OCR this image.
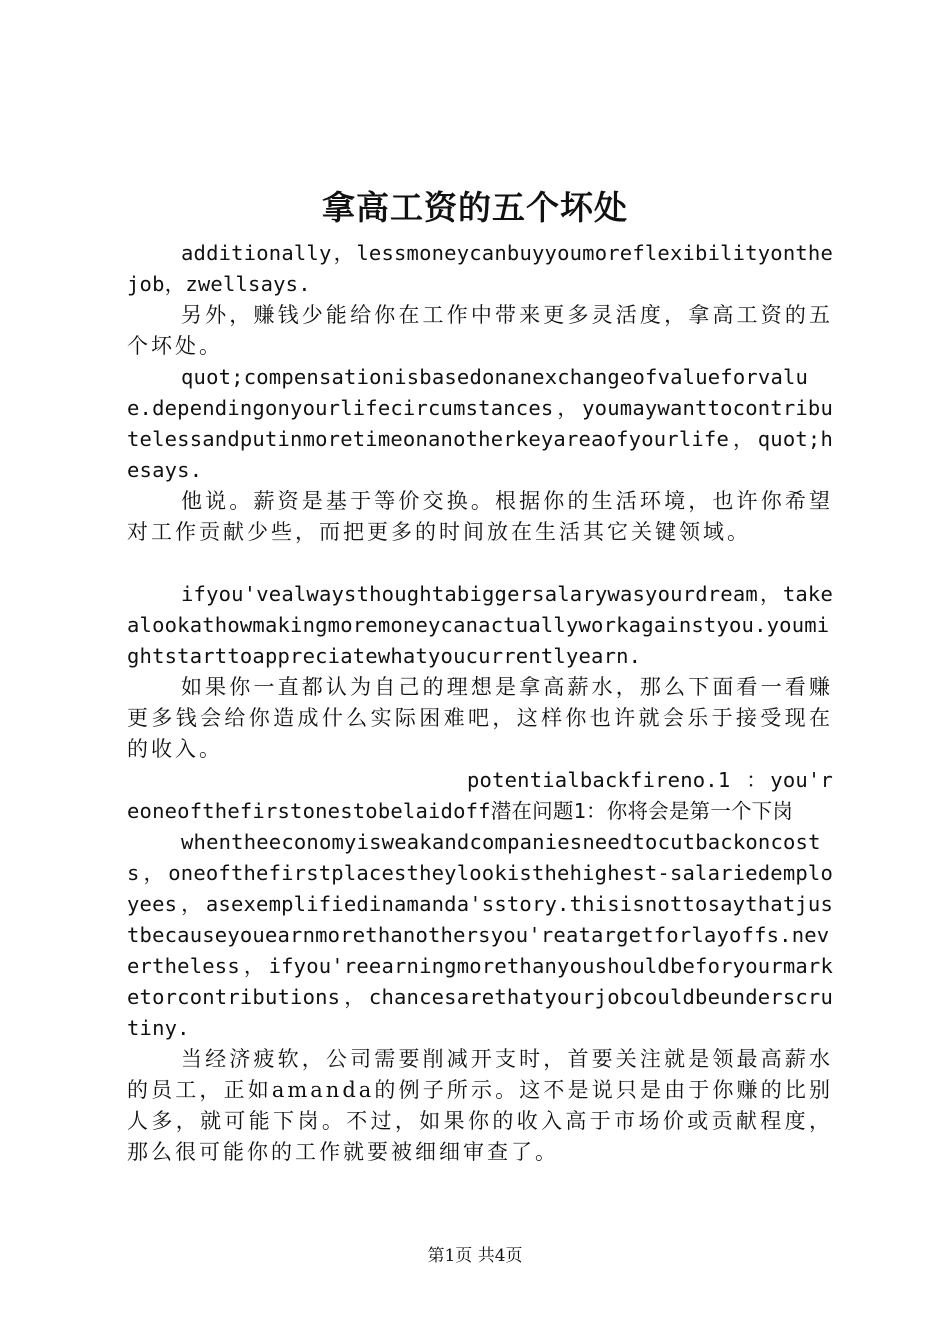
拿高工资的五个坏处

additionally，lessmoneycanbuyyoumoreflexibilityonthejob，zwellsays.

另外，赚钱少能给你在工作中带来更多灵活度，拿高工资的五个坏处。

quot;compensationisbasedonanexchangeofvalueforvalue.dependingonyourlifecircumstances，youmaywanttocontributelessandputinmoretimeonanotherkeyareaofyourlife，quot;hesays.

他说。薪资是基于等价交换。根据你的生活环境，也许你希望对工作贡献少些，而把更多的时间放在生活其它关键领域。

ifyou'vealwaysthoughtabiggersalarywasyourdream，takealookathowmakingmoremoneycanactuallyworkagainstyou.youmightstarttoappreciatewhatyoucurrentlyearn.

如果你一直都认为自己的理想是拿高薪水，那么下面看一看赚更多钱会给你造成什么实际困难吧，这样你也许就会乐于接受现在的收入。

potentialbackfireno.1 ：you'reoneofthefirstonestobelaidoff潜在问题1：你将会是第一个下岗

whentheeconomyisweakandcompaniesneedtocutbackoncosts，oneofthefirstplacestheylookisthehighest-salariedemployees，asexemplifiedinamanda'sstory.thisisnottosaythatjustbecauseyouearnmorethanothersyou'reatargetforlayoffs.nevertheless，ifyou'reearningmorethanyoushouldbeforyourmarketorcontributions，chancesarethatyourjobcouldbeunderscrutiny.

当经济疲软，公司需要削减开支时，首要关注就是领最高薪水的员工，正如amanda的例子所示。这不是说只是由于你赚的比别人多，就可能下岗。不过，如果你的收入高于市场价或贡献程度，那么很可能你的工作就要被细细审查了。

第1页 共4页
